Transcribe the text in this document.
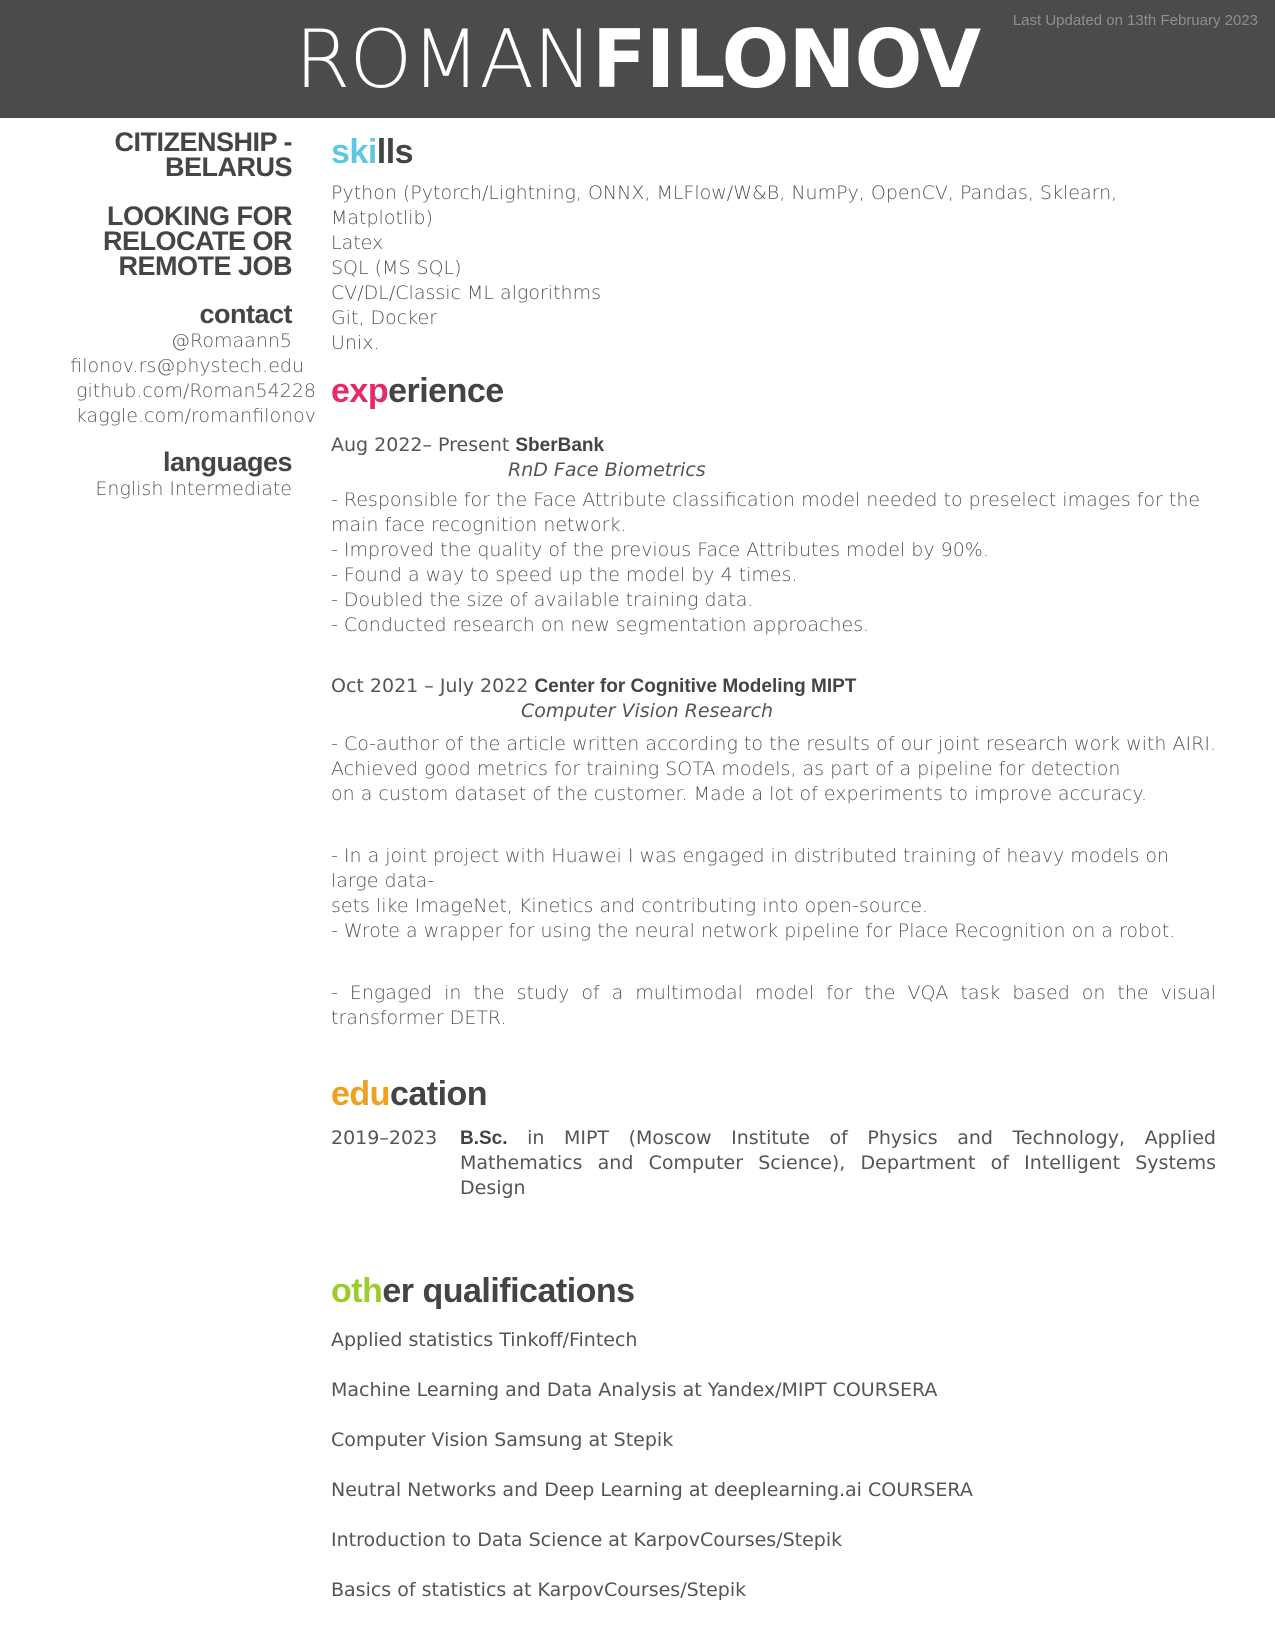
ROMANFILONOV	Last Updated on 13th February 2023
CITIZENSHIP -
BELARUS
LOOKING FOR
RELOCATE OR
REMOTE JOB
contact
@Romaann5
filonov.rs@phystech.edu
github.com/Roman54228
kaggle.com/romanfilonov
languages
English Intermediate
skills
Python (Pytorch/Lightning, ONNX, MLFlow/W&B, NumPy, OpenCV, Pandas, Sklearn, Matplotlib)
Latex
SQL (MS SQL)
CV/DL/Classic ML algorithms
Git, Docker
Unix.
experience
Aug 2022– Present SberBank
RnD Face Biometrics
- Responsible for the Face Attribute classification model needed to preselect images for the main face recognition network.
- Improved the quality of the previous Face Attributes model by 90%.
- Found a way to speed up the model by 4 times.
- Doubled the size of available training data.
- Conducted research on new segmentation approaches.
Oct 2021 – July 2022 Center for Cognitive Modeling MIPT
Computer Vision Research
- Co-author of the article written according to the results of our joint research work with AIRI.
Achieved good metrics for training SOTA models, as part of a pipeline for detection
on a custom dataset of the customer. Made a lot of experiments to improve accuracy.
- In a joint project with Huawei I was engaged in distributed training of heavy models on large data-
sets like ImageNet, Kinetics and contributing into open-source.
- Wrote a wrapper for using the neural network pipeline for Place Recognition on a robot.
- Engaged in the study of a multimodal model for the VQA task based on the visual transformer DETR.
education
2019–2023	B.Sc. in MIPT (Moscow Institute of Physics and Technology, Applied Mathematics and Computer Science), Department of Intelligent Systems Design
other qualifications
Applied statistics Tinkoff/Fintech
Machine Learning and Data Analysis at Yandex/MIPT COURSERA
Computer Vision Samsung at Stepik
Neutral Networks and Deep Learning at deeplearning.ai COURSERA
Introduction to Data Science at KarpovCourses/Stepik
Basics of statistics at KarpovCourses/Stepik
